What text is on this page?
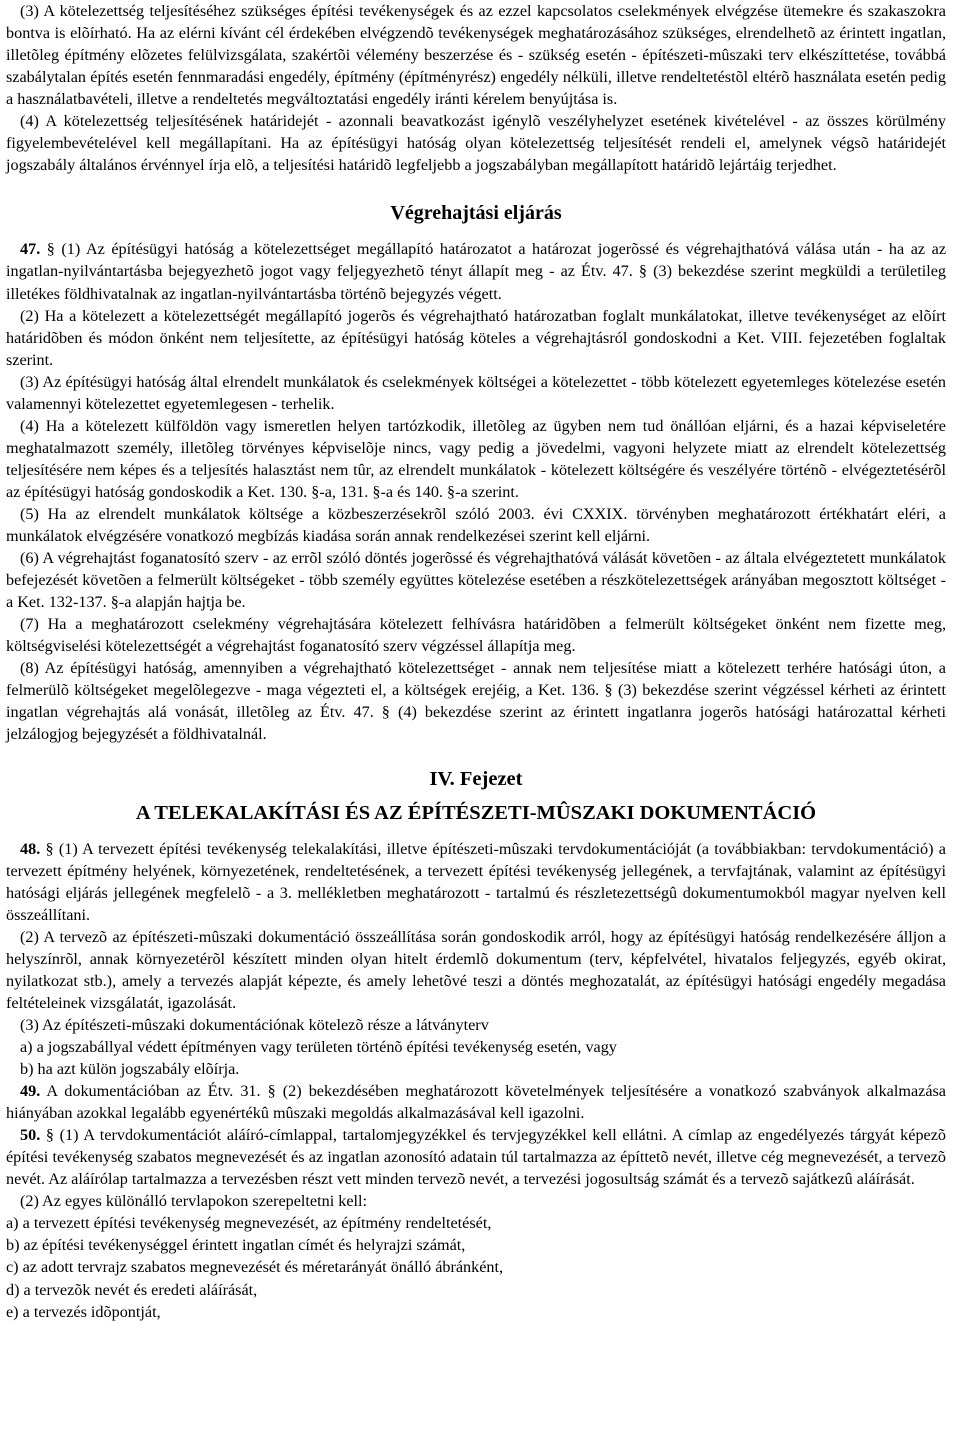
(3) A kötelezettség teljesítéséhez szükséges építési tevékenységek és az ezzel kapcsolatos cselekmények elvégzése ütemekre és szakaszokra bontva is elõírható. Ha az elérni kívánt cél érdekében elvégzendõ tevékenységek meghatározásához szükséges, elrendelhetõ az érintett ingatlan, illetõleg építmény elõzetes felülvizsgálata, szakértõi vélemény beszerzése és - szükség esetén - építészeti-mûszaki terv elkészíttetése, továbbá szabálytalan építés esetén fennmaradási engedély, építmény (építményrész) engedély nélküli, illetve rendeltetéstõl eltérõ használata esetén pedig a használatbavételi, illetve a rendeltetés megváltoztatási engedély iránti kérelem benyújtása is.

(4) A kötelezettség teljesítésének határidejét - azonnali beavatkozást igénylõ veszélyhelyzet esetének kivételével - az összes körülmény figyelembevételével kell megállapítani. Ha az építésügyi hatóság olyan kötelezettség teljesítését rendeli el, amelynek végsõ határidejét jogszabály általános érvénnyel írja elõ, a teljesítési határidõ legfeljebb a jogszabályban megállapított határidõ lejártáig terjedhet.

Végrehajtási eljárás

47. § (1) Az építésügyi hatóság a kötelezettséget megállapító határozatot a határozat jogerõssé és végrehajthatóvá válása után - ha az az ingatlan-nyilvántartásba bejegyezhetõ jogot vagy feljegyezhetõ tényt állapít meg - az Étv. 47. § (3) bekezdése szerint megküldi a területileg illetékes földhivatalnak az ingatlan-nyilvántartásba történõ bejegyzés végett.

(2) Ha a kötelezett a kötelezettségét megállapító jogerõs és végrehajtható határozatban foglalt munkálatokat, illetve tevékenységet az elõírt határidõben és módon önként nem teljesítette, az építésügyi hatóság köteles a végrehajtásról gondoskodni a Ket. VIII. fejezetében foglaltak szerint.

(3) Az építésügyi hatóság által elrendelt munkálatok és cselekmények költségei a kötelezettet - több kötelezett egyetemleges kötelezése esetén valamennyi kötelezettet egyetemlegesen - terhelik.

(4) Ha a kötelezett külföldön vagy ismeretlen helyen tartózkodik, illetõleg az ügyben nem tud önállóan eljárni, és a hazai képviseletére meghatalmazott személy, illetõleg törvényes képviselõje nincs, vagy pedig a jövedelmi, vagyoni helyzete miatt az elrendelt kötelezettség teljesítésére nem képes és a teljesítés halasztást nem tûr, az elrendelt munkálatok - kötelezett költségére és veszélyére történõ - elvégeztetésérõl az építésügyi hatóság gondoskodik a Ket. 130. §-a, 131. §-a és 140. §-a szerint.

(5) Ha az elrendelt munkálatok költsége a közbeszerzésekrõl szóló 2003. évi CXXIX. törvényben meghatározott értékhatárt eléri, a munkálatok elvégzésére vonatkozó megbízás kiadása során annak rendelkezései szerint kell eljárni.

(6) A végrehajtást foganatosító szerv - az errõl szóló döntés jogerõssé és végrehajthatóvá válását követõen - az általa elvégeztetett munkálatok befejezését követõen a felmerült költségeket - több személy együttes kötelezése esetében a részkötelezettségek arányában megosztott költséget - a Ket. 132-137. §-a alapján hajtja be.

(7) Ha a meghatározott cselekmény végrehajtására kötelezett felhívásra határidõben a felmerült költségeket önként nem fizette meg, költségviselési kötelezettségét a végrehajtást foganatosító szerv végzéssel állapítja meg.

(8) Az építésügyi hatóság, amennyiben a végrehajtható kötelezettséget - annak nem teljesítése miatt a kötelezett terhére hatósági úton, a felmerülõ költségeket megelõlegezve - maga végezteti el, a költségek erejéig, a Ket. 136. § (3) bekezdése szerint végzéssel kérheti az érintett ingatlan végrehajtás alá vonását, illetõleg az Étv. 47. § (4) bekezdése szerint az érintett ingatlanra jogerõs hatósági határozattal kérheti jelzálogjog bejegyzését a földhivatalnál.

IV. Fejezet

A TELEKALAKÍTÁSI ÉS AZ ÉPÍTÉSZETI-MÛSZAKI DOKUMENTÁCIÓ

48. § (1) A tervezett építési tevékenység telekalakítási, illetve építészeti-mûszaki tervdokumentációját (a továbbiakban: tervdokumentáció) a tervezett építmény helyének, környezetének, rendeltetésének, a tervezett építési tevékenység jellegének, a tervfajtának, valamint az építésügyi hatósági eljárás jellegének megfelelõ - a 3. mellékletben meghatározott - tartalmú és részletezettségû dokumentumokból magyar nyelven kell összeállítani.

(2) A tervezõ az építészeti-mûszaki dokumentáció összeállítása során gondoskodik arról, hogy az építésügyi hatóság rendelkezésére álljon a helyszínrõl, annak környezetérõl készített minden olyan hitelt érdemlõ dokumentum (terv, képfelvétel, hivatalos feljegyzés, egyéb okirat, nyilatkozat stb.), amely a tervezés alapját képezte, és amely lehetõvé teszi a döntés meghozatalát, az építésügyi hatósági engedély megadása feltételeinek vizsgálatát, igazolását.

(3) Az építészeti-mûszaki dokumentációnak kötelezõ része a látványterv

a) a jogszabállyal védett építményen vagy területen történõ építési tevékenység esetén, vagy

b) ha azt külön jogszabály elõírja.

49. A dokumentációban az Étv. 31. § (2) bekezdésében meghatározott követelmények teljesítésére a vonatkozó szabványok alkalmazása hiányában azokkal legalább egyenértékû mûszaki megoldás alkalmazásával kell igazolni.

50. § (1) A tervdokumentációt aláíró-címlappal, tartalomjegyzékkel és tervjegyzékkel kell ellátni. A címlap az engedélyezés tárgyát képezõ építési tevékenység szabatos megnevezését és az ingatlan azonosító adatain túl tartalmazza az építtetõ nevét, illetve cég megnevezését, a tervezõ nevét. Az aláírólap tartalmazza a tervezésben részt vett minden tervezõ nevét, a tervezési jogosultság számát és a tervezõ sajátkezû aláírását.

(2) Az egyes különálló tervlapokon szerepeltetni kell:

a) a tervezett építési tevékenység megnevezését, az építmény rendeltetését,

b) az építési tevékenységgel érintett ingatlan címét és helyrajzi számát,

c) az adott tervrajz szabatos megnevezését és méretarányát önálló ábránként,

d) a tervezõk nevét és eredeti aláírását,

e) a tervezés idõpontját,
